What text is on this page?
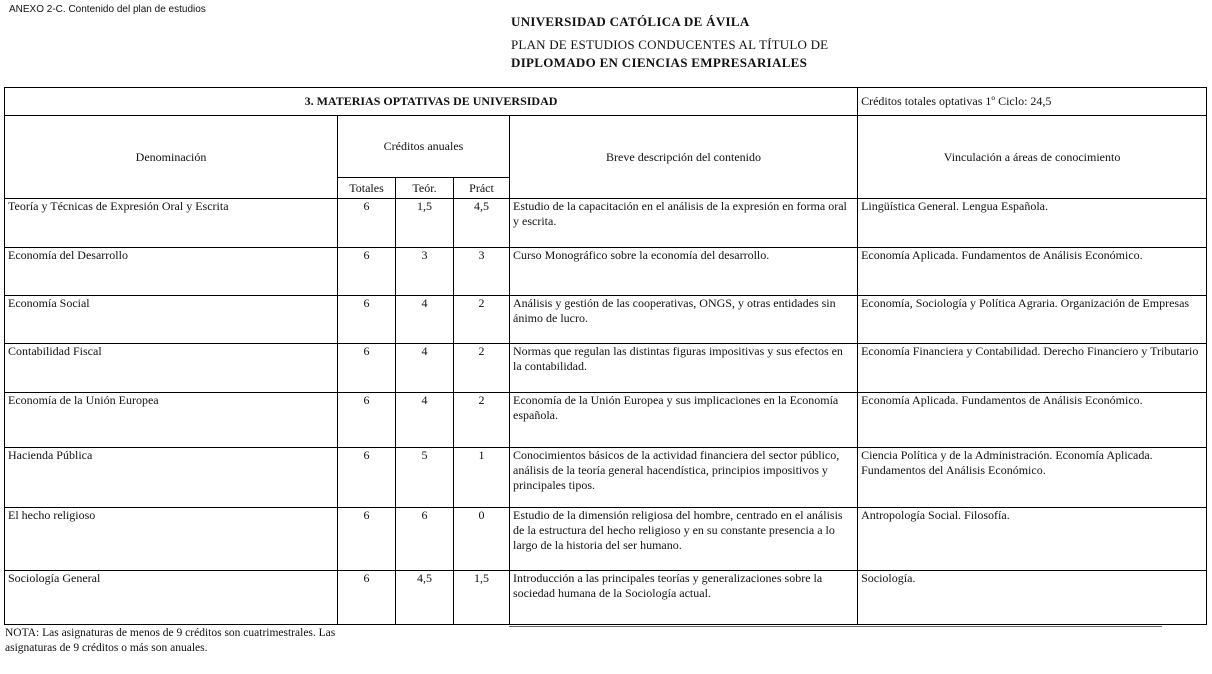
ANEXO 2-C. Contenido del plan de estudios
UNIVERSIDAD CATÓLICA DE ÁVILA
PLAN DE ESTUDIOS CONDUCENTES AL TÍTULO DE
DIPLOMADO EN CIENCIAS EMPRESARIALES
3. MATERIAS OPTATIVAS DE UNIVERSIDAD					Créditos totales optativas 1º Ciclo: 24,5
Denominación	Créditos anuales			Breve descripción del contenido	Vinculación a áreas de conocimiento
	Totales	Teór.	Práct		
Teoría y Técnicas de Expresión Oral y Escrita	6	1,5	4,5	Estudio de la capacitación en el análisis de la expresión en forma oral y escrita.	Lingüística General. Lengua Española.
Economía del Desarrollo	6	3	3	Curso Monográfico sobre la economía del desarrollo.	Economía Aplicada. Fundamentos de Análisis Económico.
Economía Social	6	4	2	Análisis y gestión de las cooperativas, ONGS, y otras entidades sin ánimo de lucro.	Economía, Sociología y Política Agraria. Organización de Empresas
Contabilidad Fiscal	6	4	2	Normas que regulan las distintas figuras impositivas y sus efectos en la contabilidad.	Economía Financiera y Contabilidad. Derecho Financiero y Tributario
Economía de la Unión Europea	6	4	2	Economía de la Unión Europea y sus implicaciones en la Economía española.	Economía Aplicada. Fundamentos de Análisis Económico.
Hacienda Pública	6	5	1	Conocimientos básicos de la actividad financiera del sector público, análisis de la teoría general hacendística, principios impositivos y principales tipos.	Ciencia Política y de la Administración. Economía Aplicada. Fundamentos del Análisis Económico.
El hecho religioso	6	6	0	Estudio de la dimensión religiosa del hombre, centrado en el análisis de la estructura del hecho religioso y en su constante presencia a lo largo de la historia del ser humano.	Antropología Social. Filosofía.
Sociología General	6	4,5	1,5	Introducción a las principales teorías y generalizaciones sobre la sociedad humana de la Sociología actual.	Sociología.
NOTA: Las asignaturas de menos de 9 créditos son cuatrimestrales. Las asignaturas de 9 créditos o más son anuales.
